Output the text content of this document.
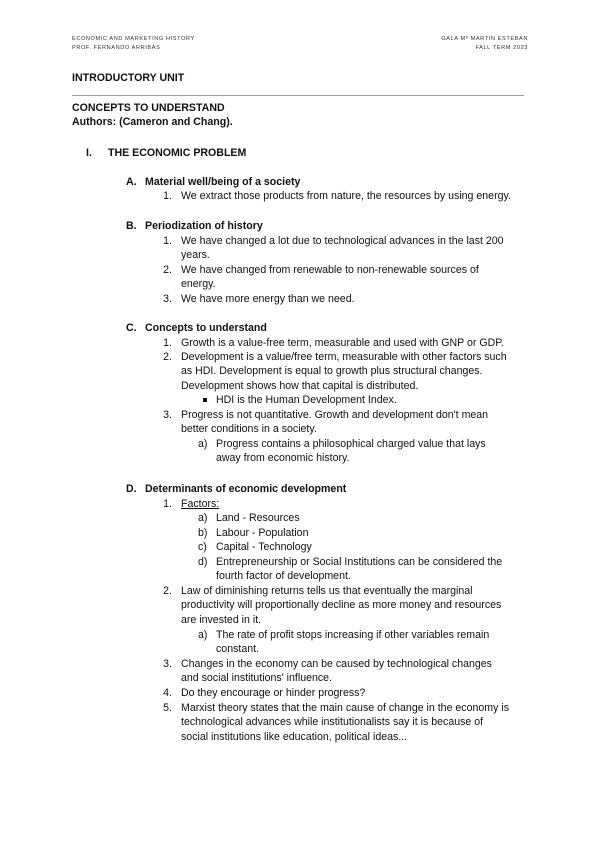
ECONOMIC AND MARKETING HISTORY
PROF. FERNANDO ARRIBAS
GALA Mª MARTIN ESTEBAN
FALL TERM 2023
INTRODUCTORY UNIT
CONCEPTS TO UNDERSTAND
Authors: (Cameron and Chang).
I. THE ECONOMIC PROBLEM
A. Material well/being of a society
1. We extract those products from nature, the resources by using energy.
B. Periodization of history
1. We have changed a lot due to technological advances in the last 200
years.
2. We have changed from renewable to non-renewable sources of
energy.
3. We have more energy than we need.
C. Concepts to understand
1. Growth is a value-free term, measurable and used with GNP or GDP.
2. Development is a value/free term, measurable with other factors such
as HDI. Development is equal to growth plus structural changes.
Development shows how that capital is distributed.
HDI is the Human Development Index.
3. Progress is not quantitative. Growth and development don't mean
better conditions in a society.
a) Progress contains a philosophical charged value that lays
away from economic history.
D. Determinants of economic development
1. Factors:
a) Land - Resources
b) Labour - Population
c) Capital - Technology
d) Entrepreneurship or Social Institutions can be considered the
fourth factor of development.
2. Law of diminishing returns tells us that eventually the marginal
productivity will proportionally decline as more money and resources
are invested in it.
a) The rate of profit stops increasing if other variables remain
constant.
3. Changes in the economy can be caused by technological changes
and social institutions' influence.
4. Do they encourage or hinder progress?
5. Marxist theory states that the main cause of change in the economy is
technological advances while institutionalists say it is because of
social institutions like education, political ideas...
